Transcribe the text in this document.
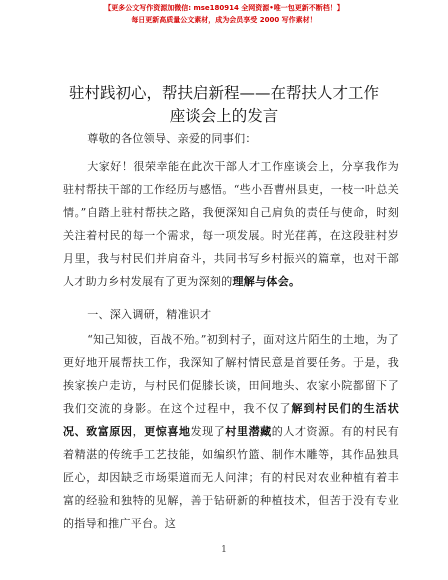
【更多公文写作资源加微信: mse180914 全网资源•唯一包更新不断档！】
每日更新高质量公文素材，成为会员享受 2000 写作素材！
驻村践初心，帮扶启新程——在帮扶人才工作
座谈会上的发言

尊敬的各位领导、亲爱的同事们：

大家好！很荣幸能在此次干部人才工作座谈会上，分享我作为驻村帮扶干部的工作经历与感悟。“些小吾曹州县吏，一枝一叶总关情。”自踏上驻村帮扶之路，我便深知自己肩负的责任与使命，时刻关注着村民的每一个需求，每一项发展。时光荏苒，在这段驻村岁月里，我与村民们并肩奋斗，共同书写乡村振兴的篇章，也对干部人才助力乡村发展有了更为深刻的理解与体会。

一、深入调研，精准识才

“知己知彼，百战不殆。”初到村子，面对这片陌生的土地，为了更好地开展帮扶工作，我深知了解村情民意是首要任务。于是，我挨家挨户走访，与村民们促膝长谈，田间地头、农家小院都留下了我们交流的身影。在这个过程中，我不仅了解到村民们的生活状况、致富原因，更惊喜地发现了村里潜藏的人才资源。有的村民有着精湛的传统手工艺技能，如编织竹篮、制作木雕等，其作品独具匠心，却因缺乏市场渠道而无人问津；有的村民对农业种植有着丰富的经验和独特的见解，善于钻研新的种植技术，但苦于没有专业的指导和推广平台。这

1
